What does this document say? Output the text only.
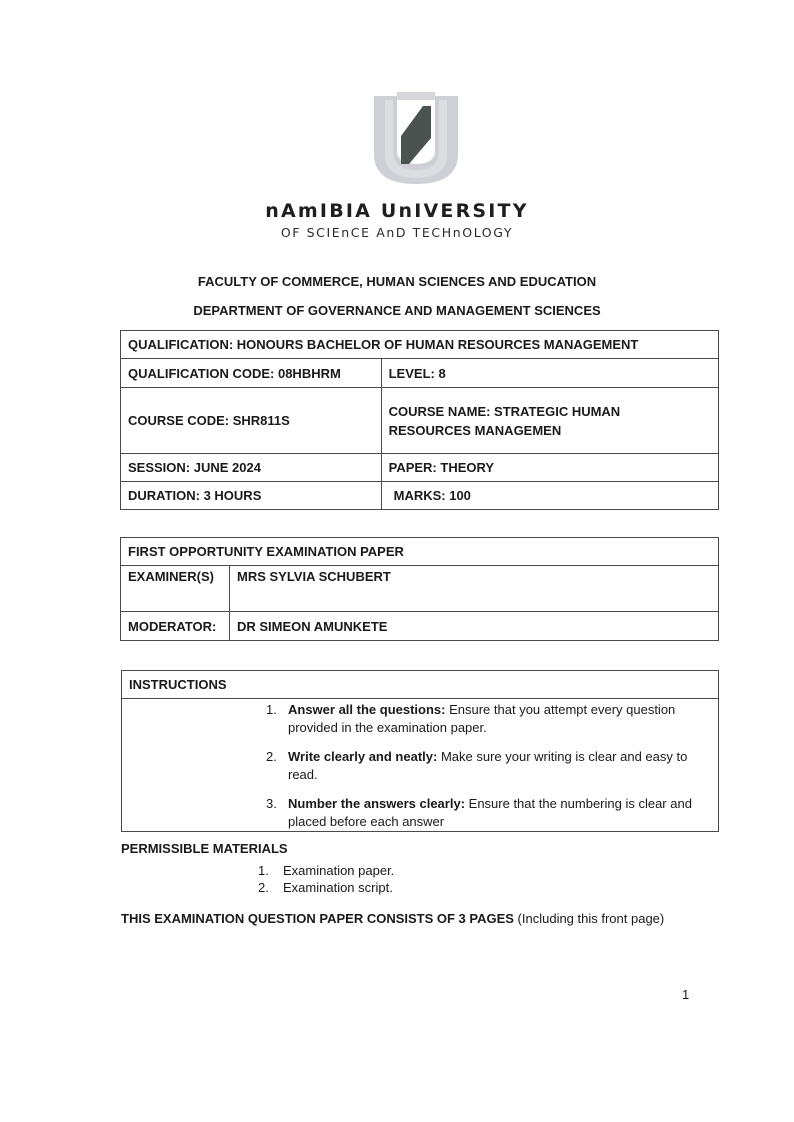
nAmIBIA UnIVERSITY
OF SCIEnCE AnD TECHnOLOGY
FACULTY OF COMMERCE, HUMAN SCIENCES AND EDUCATION
DEPARTMENT OF GOVERNANCE AND MANAGEMENT SCIENCES
QUALIFICATION: HONOURS BACHELOR OF HUMAN RESOURCES MANAGEMENT	
QUALIFICATION CODE: 08HBHRM	LEVEL: 8
COURSE CODE: SHR811S	COURSE NAME: STRATEGIC HUMAN
RESOURCES MANAGEMEN

SESSION: JUNE 2024	PAPER: THEORY
DURATION: 3 HOURS	MARKS: 100
FIRST OPPORTUNITY EXAMINATION PAPER	
EXAMINER(S)	MRS SYLVIA SCHUBERT
MODERATOR:	DR SIMEON AMUNKETE
INSTRUCTIONS

1. Answer all the questions: Ensure that you attempt every question provided in the examination paper.
2. Write clearly and neatly: Make sure your writing is clear and easy to read.
3. Number the answers clearly: Ensure that the numbering is clear and placed before each answer
PERMISSIBLE MATERIALS
1. Examination paper.
2. Examination script.
THIS EXAMINATION QUESTION PAPER CONSISTS OF 3 PAGES (Including this front page)
1
